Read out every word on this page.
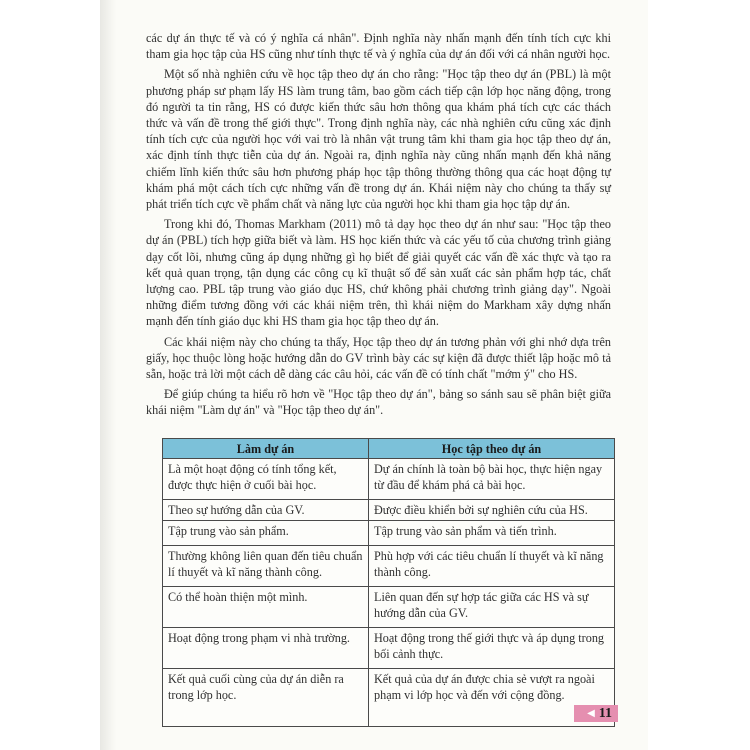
các dự án thực tế và có ý nghĩa cá nhân". Định nghĩa này nhấn mạnh đến tính tích cực khi tham gia học tập của HS cũng như tính thực tế và ý nghĩa của dự án đối với cá nhân người học.

Một số nhà nghiên cứu về học tập theo dự án cho rằng: "Học tập theo dự án (PBL) là một phương pháp sư phạm lấy HS làm trung tâm, bao gồm cách tiếp cận lớp học năng động, trong đó người ta tin rằng, HS có được kiến thức sâu hơn thông qua khám phá tích cực các thách thức và vấn đề trong thế giới thực". Trong định nghĩa này, các nhà nghiên cứu cũng xác định tính tích cực của người học với vai trò là nhân vật trung tâm khi tham gia học tập theo dự án, xác định tính thực tiễn của dự án. Ngoài ra, định nghĩa này cũng nhấn mạnh đến khả năng chiếm lĩnh kiến thức sâu hơn phương pháp học tập thông thường thông qua các hoạt động tự khám phá một cách tích cực những vấn đề trong dự án. Khái niệm này cho chúng ta thấy sự phát triển tích cực về phẩm chất và năng lực của người học khi tham gia học tập dự án.

Trong khi đó, Thomas Markham (2011) mô tả dạy học theo dự án như sau: "Học tập theo dự án (PBL) tích hợp giữa biết và làm. HS học kiến thức và các yếu tố của chương trình giảng dạy cốt lõi, nhưng cũng áp dụng những gì họ biết để giải quyết các vấn đề xác thực và tạo ra kết quả quan trọng, tận dụng các công cụ kĩ thuật số để sản xuất các sản phẩm hợp tác, chất lượng cao. PBL tập trung vào giáo dục HS, chứ không phải chương trình giảng dạy". Ngoài những điểm tương đồng với các khái niệm trên, thì khái niệm do Markham xây dựng nhấn mạnh đến tính giáo dục khi HS tham gia học tập theo dự án.

Các khái niệm này cho chúng ta thấy, Học tập theo dự án tương phản với ghi nhớ dựa trên giấy, học thuộc lòng hoặc hướng dẫn do GV trình bày các sự kiện đã được thiết lập hoặc mô tả sẵn, hoặc trả lời một cách dễ dàng các câu hỏi, các vấn đề có tính chất "mớm ý" cho HS.

Để giúp chúng ta hiểu rõ hơn về "Học tập theo dự án", bảng so sánh sau sẽ phân biệt giữa khái niệm "Làm dự án" và "Học tập theo dự án".

Làm dự án	Học tập theo dự án
Là một hoạt động có tính tổng kết, được thực hiện ở cuối bài học.	Dự án chính là toàn bộ bài học, thực hiện ngay từ đầu để khám phá cả bài học.
Theo sự hướng dẫn của GV.	Được điều khiển bởi sự nghiên cứu của HS.
Tập trung vào sản phẩm.	Tập trung vào sản phẩm và tiến trình.
Thường không liên quan đến tiêu chuẩn lí thuyết và kĩ năng thành công.	Phù hợp với các tiêu chuẩn lí thuyết và kĩ năng thành công.
Có thể hoàn thiện một mình.	Liên quan đến sự hợp tác giữa các HS và sự hướng dẫn của GV.
Hoạt động trong phạm vi nhà trường.	Hoạt động trong thế giới thực và áp dụng trong bối cảnh thực.
Kết quả cuối cùng của dự án diễn ra trong lớp học.	Kết quả của dự án được chia sẻ vượt ra ngoài phạm vi lớp học và đến với cộng đồng.
◀ 11
